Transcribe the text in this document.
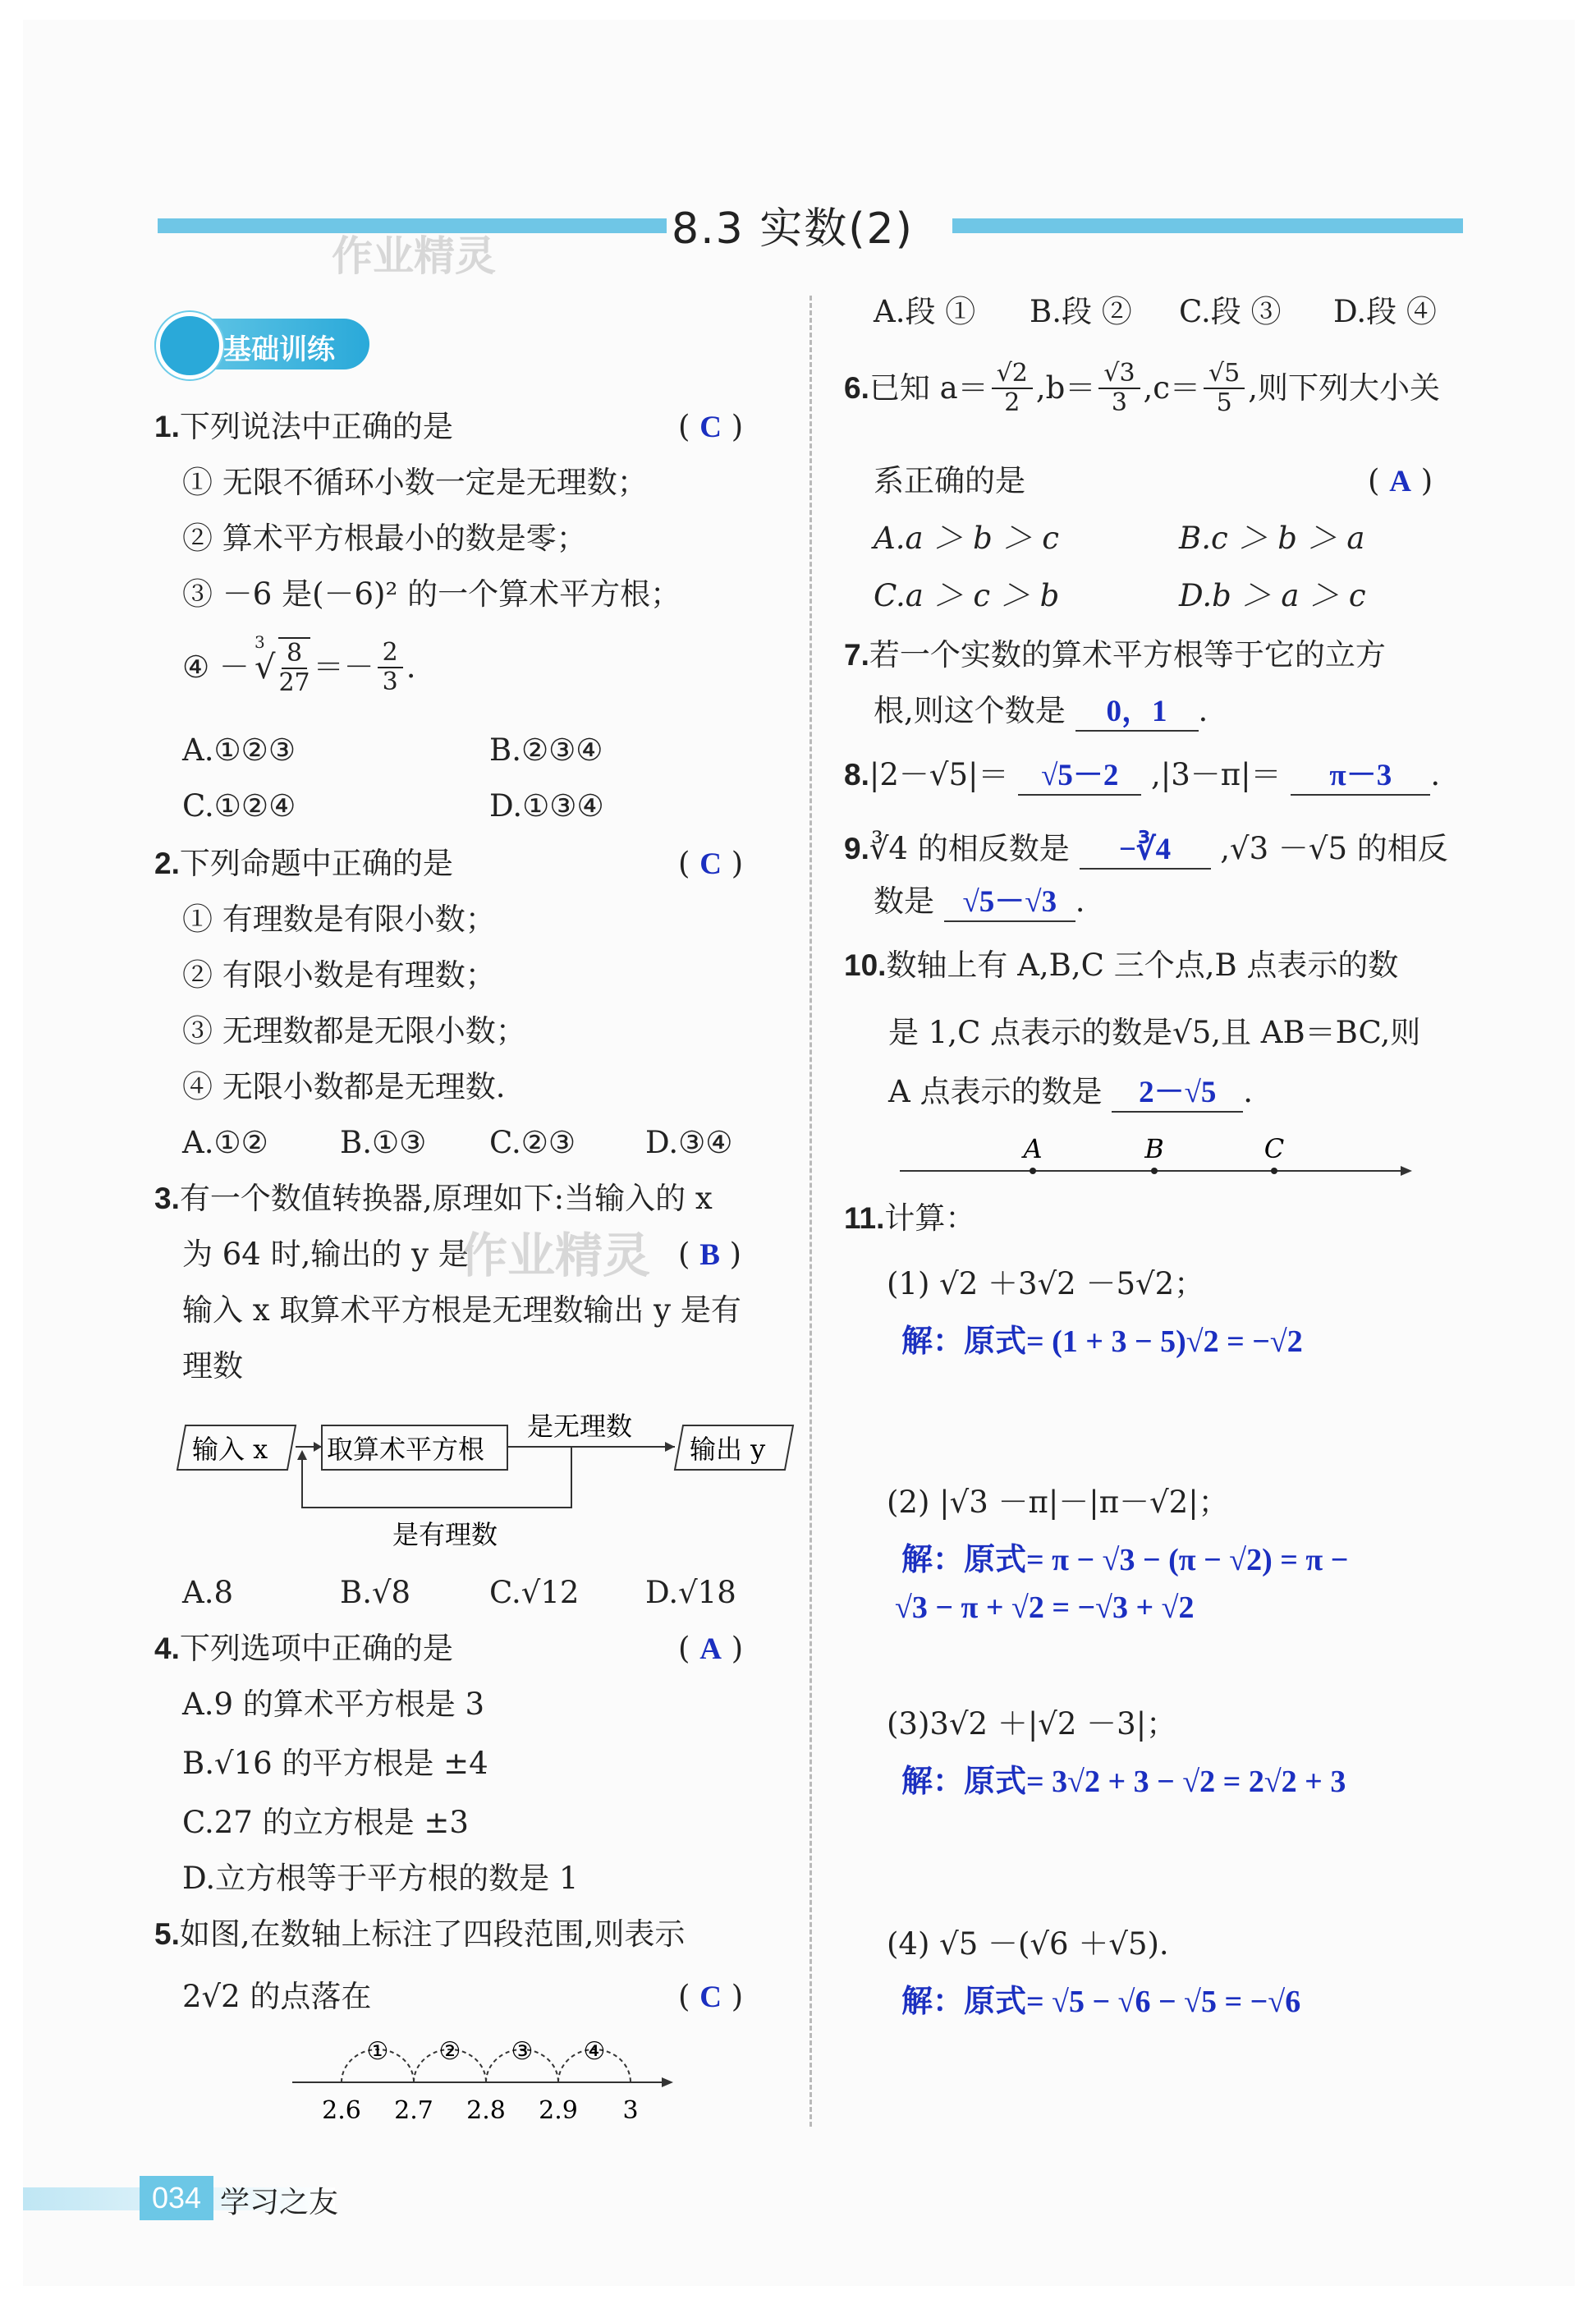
8.3 实数(2)
作业精灵
基础训练
1.下列说法中正确的是	( C )
① 无限不循环小数一定是无理数；
② 算术平方根最小的数是零；
③ －6 是(－6)² 的一个算术平方根；
④ －
3
√ $\frac{8}{27} =- \frac{2}{3}$ .
A.①②③	B.②③④
C.①②④	D.①③④
2.下列命题中正确的是	( C )
① 有理数是有限小数；
② 有限小数是有理数；
③ 无理数都是无限小数；
④ 无限小数都是无理数.
A.①② B.①③ C.②③ D.③④
3.有一个数值转换器,原理如下:当输入的 x
为 64 时,输出的 y 是	( B )
作业精灵
输入 x 取算术平方根是无理数输出 y 是有
理数
输入 x 取算术平方根
是无理数
输出 y
是有理数
A.8	B.√8	C.√12 D.√18
4.下列选项中正确的是	( A )
A.9 的算术平方根是 3
B.√16 的平方根是 ±4
C.27 的立方根是 ±3
D.立方根等于平方根的数是 1
5.如图,在数轴上标注了四段范围,则表示
2√2 的点落在	( C )
① ② ③ ④
2.6 2.7 2.8 2.9 3
A.段 ① B.段 ② C.段 ③ D.段 ④
6. 已知 $a= \frac{√2}{2} ,b= \frac{√3}{3} ,c= \frac{√5}{5}$ ,则下列大小关
系正确的是	( A )
A.a ＞ b ＞ c	B.c ＞ b ＞ a
C.a ＞ c ＞ b	D.b ＞ a ＞ c
7.若一个实数的算术平方根等于它的立方
根,则这个数是 0，1 .
8.|2－√5|＝ √5－2 ,|3－π|＝ π－3 .
9.∛4 的相反数是 −∛4 ,√3 －√5 的相反
数是 √5－√3 .
10.数轴上有 A,B,C 三个点,B 点表示的数
是 1,C 点表示的数是√5,且 AB＝BC,则
A 点表示的数是 2－√5 .
A	B	C
11.计算：
(1) √2 ＋3√2 －5√2；
解：原式= (1 + 3 − 5)√2 = −√2
(2) |√3 －π|－|π－√2|；
解：原式= π − √3 − (π − √2) = π −
√3 − π + √2 = −√3 + √2
(3)3√2 ＋|√2 －3|；
解：原式= 3√2 + 3 − √2 = 2√2 + 3
(4) √5 －(√6 ＋√5).
解：原式= √5 − √6 − √5 = −√6
034 学习之友
